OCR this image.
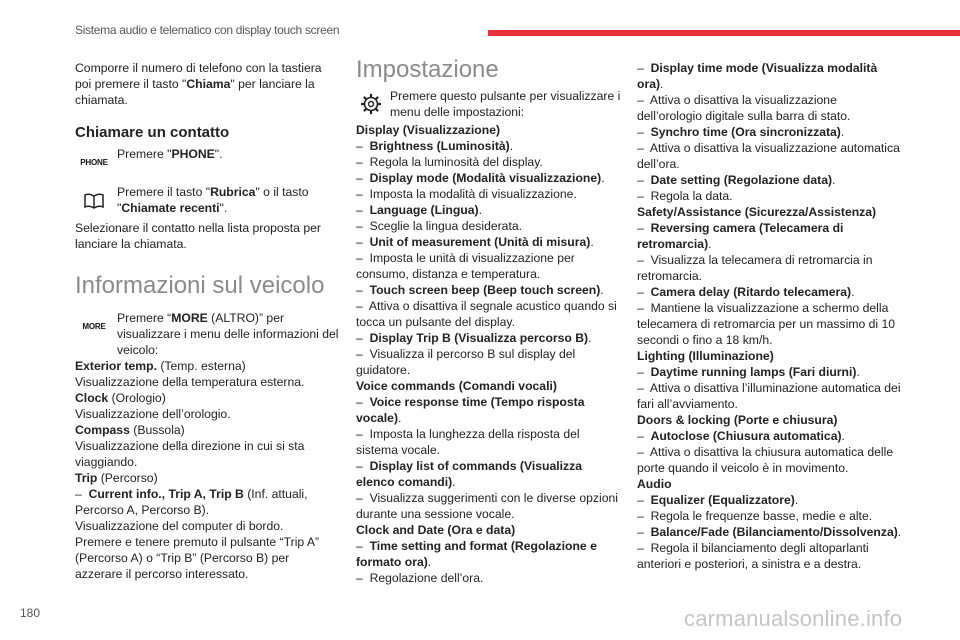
Sistema audio e telematico con display touch screen

Comporre il numero di telefono con la tastiera poi premere il tasto "Chiama" per lanciare la chiamata.

Chiamare un contatto

PHONE

Premere "PHONE".

Premere il tasto "Rubrica" o il tasto "Chiamate recenti".

Selezionare il contatto nella lista proposta per lanciare la chiamata.

Informazioni sul veicolo

MORE

Premere “MORE (ALTRO)” per visualizzare i menu delle informazioni del veicolo:

Exterior temp. (Temp. esterna)

Visualizzazione della temperatura esterna.

Clock (Orologio)

Visualizzazione dell’orologio.

Compass (Bussola)

Visualizzazione della direzione in cui si sta viaggiando.

Trip (Percorso)

–  Current info., Trip A, Trip B (Inf. attuali, Percorso A, Percorso B).

Visualizzazione del computer di bordo.

Premere e tenere premuto il pulsante “Trip A” (Percorso A) o “Trip B” (Percorso B) per azzerare il percorso interessato.

Impostazione

Premere questo pulsante per visualizzare i menu delle impostazioni:

Display (Visualizzazione)

–  Brightness (Luminosità).

–  Regola la luminosità del display.

–  Display mode (Modalità visualizzazione).

–  Imposta la modalità di visualizzazione.

–  Language (Lingua).

–  Sceglie la lingua desiderata.

–  Unit of measurement (Unità di misura).

–  Imposta le unità di visualizzazione per consumo, distanza e temperatura.

–  Touch screen beep (Beep touch screen).

–  Attiva o disattiva il segnale acustico quando si tocca un pulsante del display.

–  Display Trip B (Visualizza percorso B).

–  Visualizza il percorso B sul display del guidatore.

Voice commands (Comandi vocali)

–  Voice response time (Tempo risposta vocale).

–  Imposta la lunghezza della risposta del sistema vocale.

–  Display list of commands (Visualizza elenco comandi).

–  Visualizza suggerimenti con le diverse opzioni durante una sessione vocale.

Clock and Date (Ora e data)

–  Time setting and format (Regolazione e formato ora).

–  Regolazione dell’ora.

–  Display time mode (Visualizza modalità ora).

–  Attiva o disattiva la visualizzazione dell’orologio digitale sulla barra di stato.

–  Synchro time (Ora sincronizzata).

–  Attiva o disattiva la visualizzazione automatica dell’ora.

–  Date setting (Regolazione data).

–  Regola la data.

Safety/Assistance (Sicurezza/Assistenza)

–  Reversing camera (Telecamera di retromarcia).

–  Visualizza la telecamera di retromarcia in retromarcia.

–  Camera delay (Ritardo telecamera).

–  Mantiene la visualizzazione a schermo della telecamera di retromarcia per un massimo di 10 secondi o fino a 18 km/h.

Lighting (Illuminazione)

–  Daytime running lamps (Fari diurni).

–  Attiva o disattiva l’illuminazione automatica dei fari all’avviamento.

Doors & locking (Porte e chiusura)

–  Autoclose (Chiusura automatica).

–  Attiva o disattiva la chiusura automatica delle porte quando il veicolo è in movimento.

Audio

–  Equalizer (Equalizzatore).

–  Regola le frequenze basse, medie e alte.

–  Balance/Fade (Bilanciamento/Dissolvenza).

–  Regola il bilanciamento degli altoparlanti anteriori e posteriori, a sinistra e a destra.

180	carmanualsonline.info
